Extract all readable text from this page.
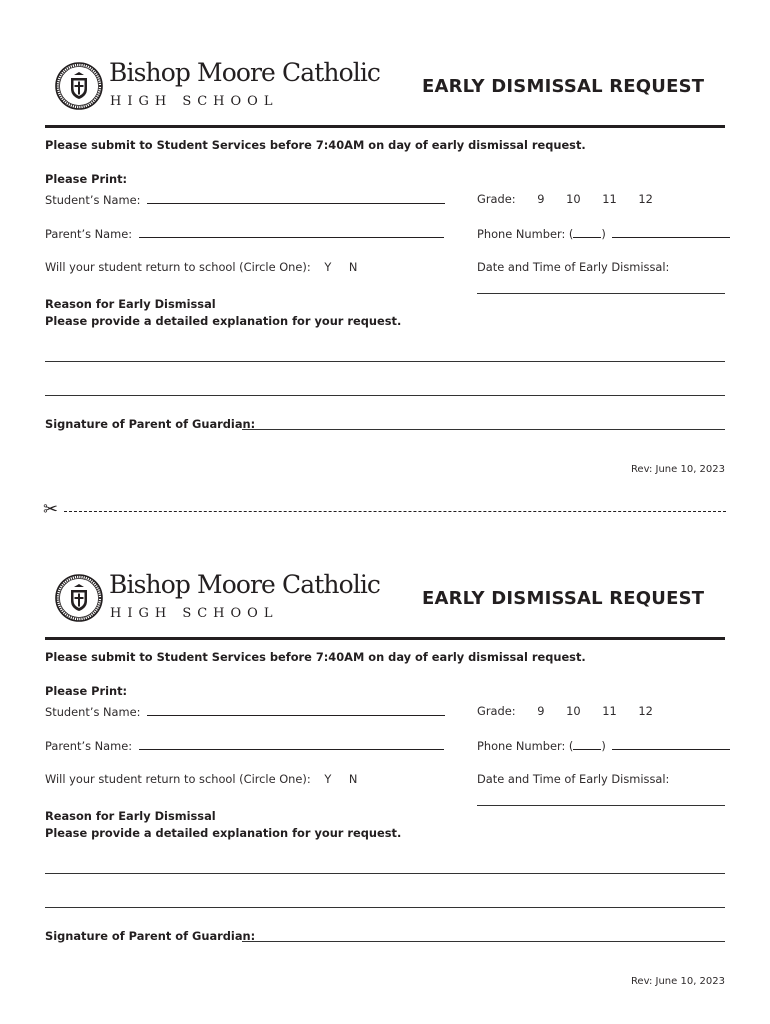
Bishop Moore Catholic
HIGH SCHOOL
EARLY DISMISSAL REQUEST
Please submit to Student Services before 7:40AM on day of early dismissal request.
Please Print:
Student’s Name:	Grade: 9 10 11 12
Parent’s Name:	Phone Number: ( )
Will your student return to school (Circle One): Y N	Date and Time of Early Dismissal:
Reason for Early Dismissal
Please provide a detailed explanation for your request.
Signature of Parent of Guardian:
Rev: June 10, 2023
Bishop Moore Catholic
HIGH SCHOOL
EARLY DISMISSAL REQUEST
Please submit to Student Services before 7:40AM on day of early dismissal request.
Please Print:
Student’s Name:	Grade: 9 10 11 12
Parent’s Name:	Phone Number: ( )
Will your student return to school (Circle One): Y N	Date and Time of Early Dismissal:
Reason for Early Dismissal
Please provide a detailed explanation for your request.
Signature of Parent of Guardian:
Rev: June 10, 2023
✂
